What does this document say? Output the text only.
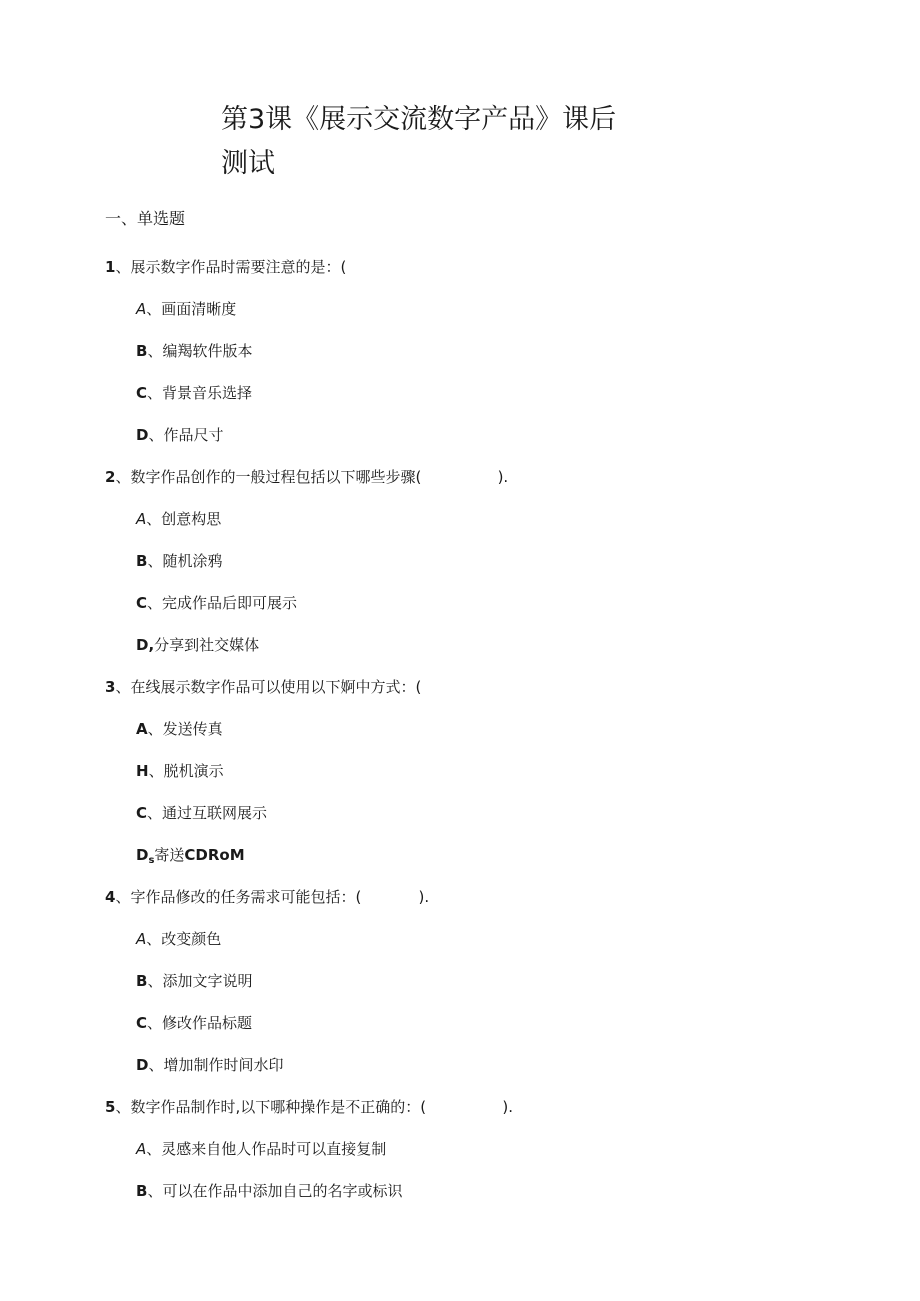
第3课《展示交流数字产品》课后
测试
一、单选题
1、展示数字作品时需要注意的是：(
A、画面清晰度
B、编羯软件版本
C、背景音乐选择
D、作品尺寸
2、数字作品创作的一般过程包括以下哪些步骤(                ).
A、创意构思
B、随机涂鸦
C、完成作品后即可展示
D,分享到社交媒体
3、在线展示数字作品可以使用以下婀中方式：(
A、发送传真
H、脱机演示
C、通过互联网展示
$D_s$寄送CDRoM
4、字作品修改的任务需求可能包括：(            ).
A、改变颜色
B、添加文字说明
C、修改作品标题
D、增加制作时间水印
5、数字作品制作时,以下哪种操作是不正确的：(                ).
A、灵感来自他人作品时可以直接复制
B、可以在作品中添加自己的名字或标识
